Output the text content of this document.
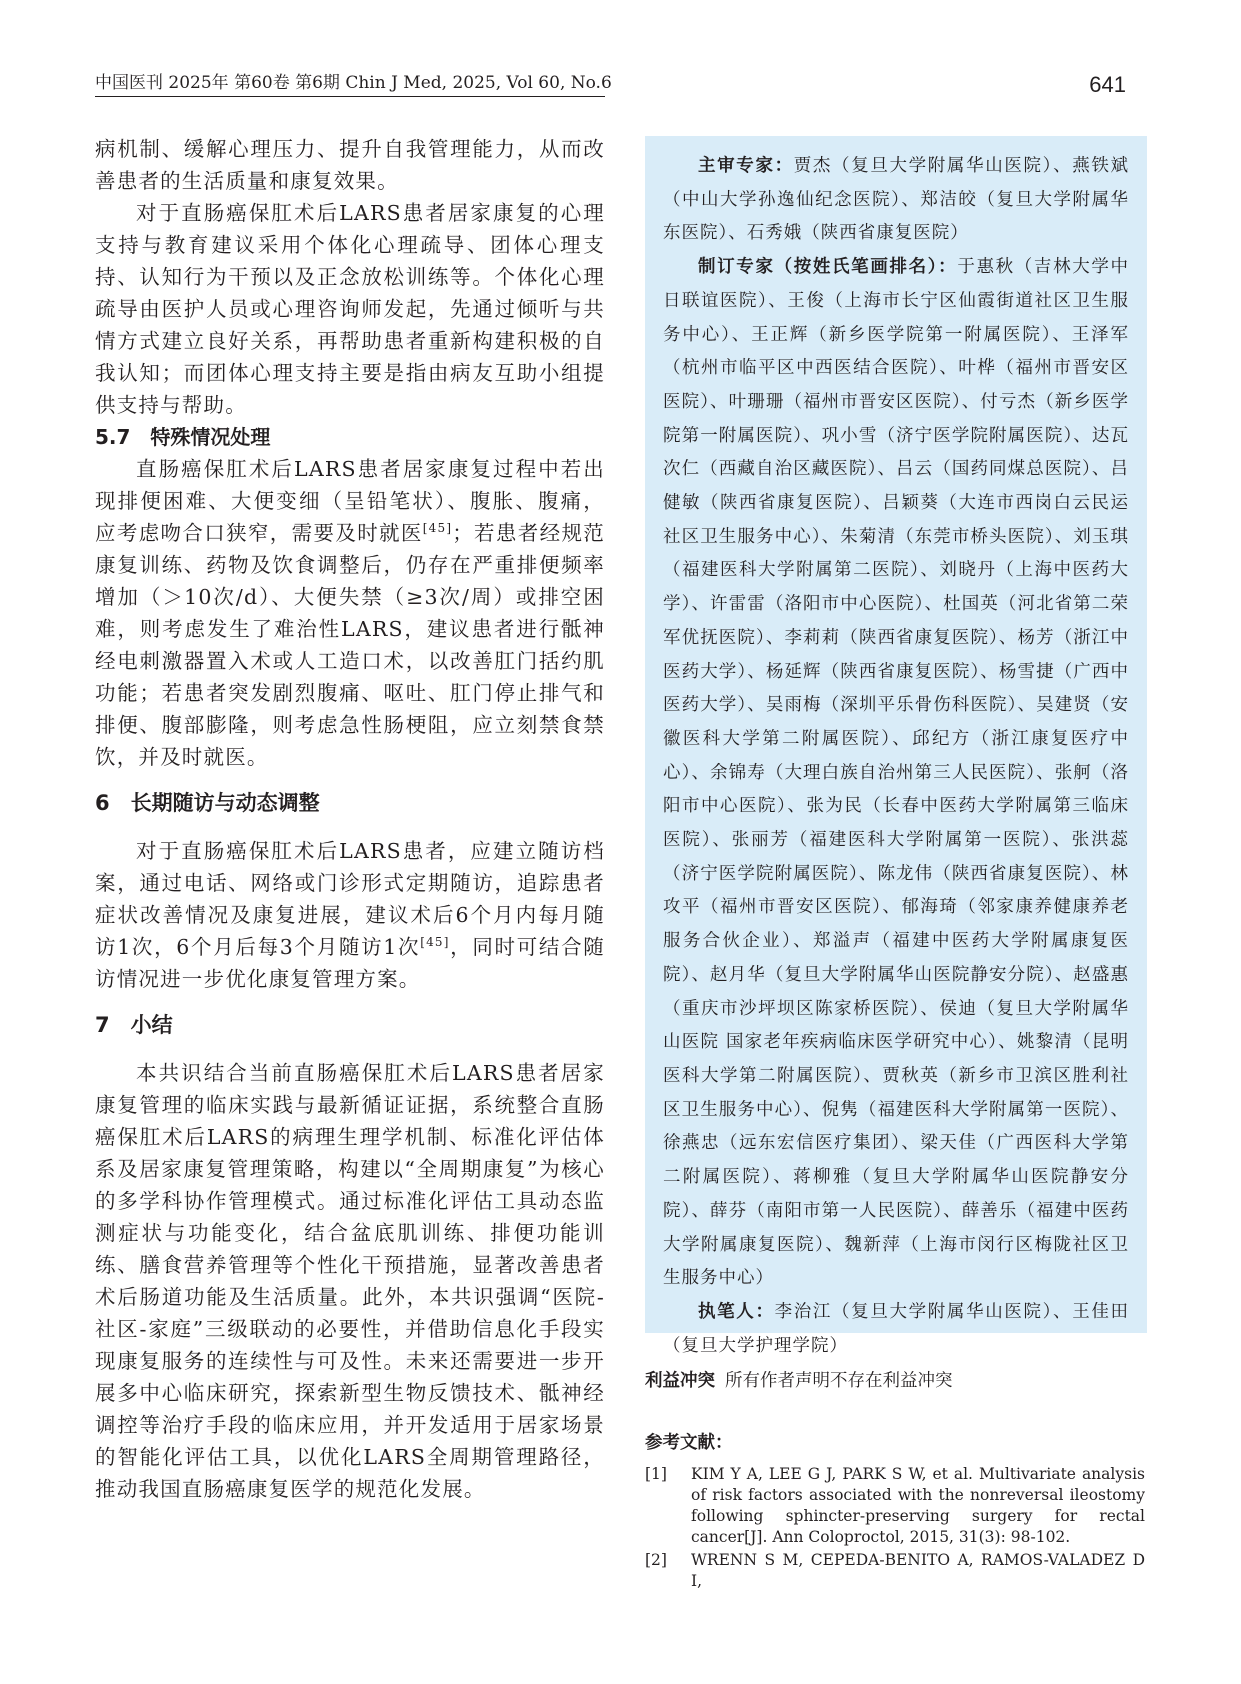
中国医刊 2025年 第60卷 第6期 Chin J Med, 2025, Vol 60, No.6	641

病机制、缓解心理压力、提升自我管理能力，从而改善患者的生活质量和康复效果。

对于直肠癌保肛术后LARS患者居家康复的心理支持与教育建议采用个体化心理疏导、团体心理支持、认知行为干预以及正念放松训练等。个体化心理疏导由医护人员或心理咨询师发起，先通过倾听与共情方式建立良好关系，再帮助患者重新构建积极的自我认知；而团体心理支持主要是指由病友互助小组提供支持与帮助。

5.7　特殊情况处理

直肠癌保肛术后LARS患者居家康复过程中若出现排便困难、大便变细（呈铅笔状）、腹胀、腹痛，应考虑吻合口狭窄，需要及时就医[45]；若患者经规范康复训练、药物及饮食调整后，仍存在严重排便频率增加（＞10次/d）、大便失禁（≥3次/周）或排空困难，则考虑发生了难治性LARS，建议患者进行骶神经电刺激器置入术或人工造口术，以改善肛门括约肌功能；若患者突发剧烈腹痛、呕吐、肛门停止排气和排便、腹部膨隆，则考虑急性肠梗阻，应立刻禁食禁饮，并及时就医。

6　长期随访与动态调整

对于直肠癌保肛术后LARS患者，应建立随访档案，通过电话、网络或门诊形式定期随访，追踪患者症状改善情况及康复进展，建议术后6个月内每月随访1次，6个月后每3个月随访1次[45]，同时可结合随访情况进一步优化康复管理方案。

7　小结

本共识结合当前直肠癌保肛术后LARS患者居家康复管理的临床实践与最新循证证据，系统整合直肠癌保肛术后LARS的病理生理学机制、标准化评估体系及居家康复管理策略，构建以“全周期康复”为核心的多学科协作管理模式。通过标准化评估工具动态监测症状与功能变化，结合盆底肌训练、排便功能训练、膳食营养管理等个性化干预措施，显著改善患者术后肠道功能及生活质量。此外，本共识强调“医院-社区-家庭”三级联动的必要性，并借助信息化手段实现康复服务的连续性与可及性。未来还需要进一步开展多中心临床研究，探索新型生物反馈技术、骶神经调控等治疗手段的临床应用，并开发适用于居家场景的智能化评估工具，以优化LARS全周期管理路径，推动我国直肠癌康复医学的规范化发展。

主审专家：贾杰（复旦大学附属华山医院）、燕铁斌（中山大学孙逸仙纪念医院）、郑洁皎（复旦大学附属华东医院）、石秀娥（陕西省康复医院）

制订专家（按姓氏笔画排名）：于惠秋（吉林大学中日联谊医院）、王俊（上海市长宁区仙霞街道社区卫生服务中心）、王正辉（新乡医学院第一附属医院）、王泽军（杭州市临平区中西医结合医院）、叶桦（福州市晋安区医院）、叶珊珊（福州市晋安区医院）、付亏杰（新乡医学院第一附属医院）、巩小雪（济宁医学院附属医院）、达瓦次仁（西藏自治区藏医院）、吕云（国药同煤总医院）、吕健敏（陕西省康复医院）、吕颖葵（大连市西岗白云民运社区卫生服务中心）、朱菊清（东莞市桥头医院）、刘玉琪（福建医科大学附属第二医院）、刘晓丹（上海中医药大学）、许雷雷（洛阳市中心医院）、杜国英（河北省第二荣军优抚医院）、李莉莉（陕西省康复医院）、杨芳（浙江中医药大学）、杨延辉（陕西省康复医院）、杨雪捷（广西中医药大学）、吴雨梅（深圳平乐骨伤科医院）、吴建贤（安徽医科大学第二附属医院）、邱纪方（浙江康复医疗中心）、余锦寿（大理白族自治州第三人民医院）、张舸（洛阳市中心医院）、张为民（长春中医药大学附属第三临床医院）、张丽芳（福建医科大学附属第一医院）、张洪蕊（济宁医学院附属医院）、陈龙伟（陕西省康复医院）、林攻平（福州市晋安区医院）、郁海琦（邻家康养健康养老服务合伙企业）、郑溢声（福建中医药大学附属康复医院）、赵月华（复旦大学附属华山医院静安分院）、赵盛惠（重庆市沙坪坝区陈家桥医院）、侯迪（复旦大学附属华山医院 国家老年疾病临床医学研究中心）、姚黎清（昆明医科大学第二附属医院）、贾秋英（新乡市卫滨区胜利社区卫生服务中心）、倪隽（福建医科大学附属第一医院）、徐燕忠（远东宏信医疗集团）、梁天佳（广西医科大学第二附属医院）、蒋柳雅（复旦大学附属华山医院静安分院）、薛芬（南阳市第一人民医院）、薛善乐（福建中医药大学附属康复医院）、魏新萍（上海市闵行区梅陇社区卫生服务中心）

执笔人：李治江（复旦大学附属华山医院）、王佳田（复旦大学护理学院）

利益冲突 所有作者声明不存在利益冲突
参考文献：
[1]	KIM Y A, LEE G J, PARK S W, et al. Multivariate analysis of risk factors associated with the nonreversal ileostomy following sphincter-preserving surgery for rectal cancer[J]. Ann Coloproctol, 2015, 31(3): 98-102.
[2]	WRENN S M, CEPEDA-BENITO A, RAMOS-VALADEZ D I,
